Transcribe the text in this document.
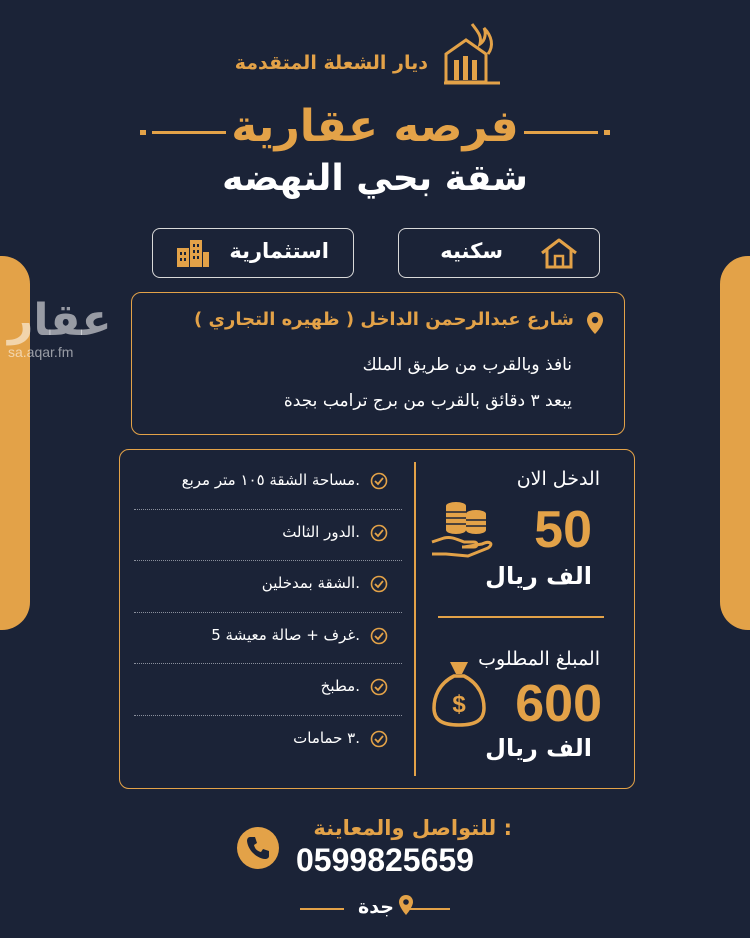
عقار
sa.aqar.fm
ديار الشعلة المتقدمة
فرصه عقارية
شقة بحي النهضه
سكنيه
استثمارية
شارع عبدالرحمن الداخل ( ظهيره التجاري )
نافذ وبالقرب من طريق الملك
يبعد ٣ دقائق بالقرب من برج ترامب بجدة
مساحة الشقة ١٠٥ متر مربع.
الدور الثالث.
الشقة بمدخلين.
5 غرف + صالة معيشة.
مطبخ.
٣ حمامات.
الدخل الان
50
الف ريال
المبلغ المطلوب
$ 600
الف ريال
للتواصل والمعاينة :
0599825659
جدة
